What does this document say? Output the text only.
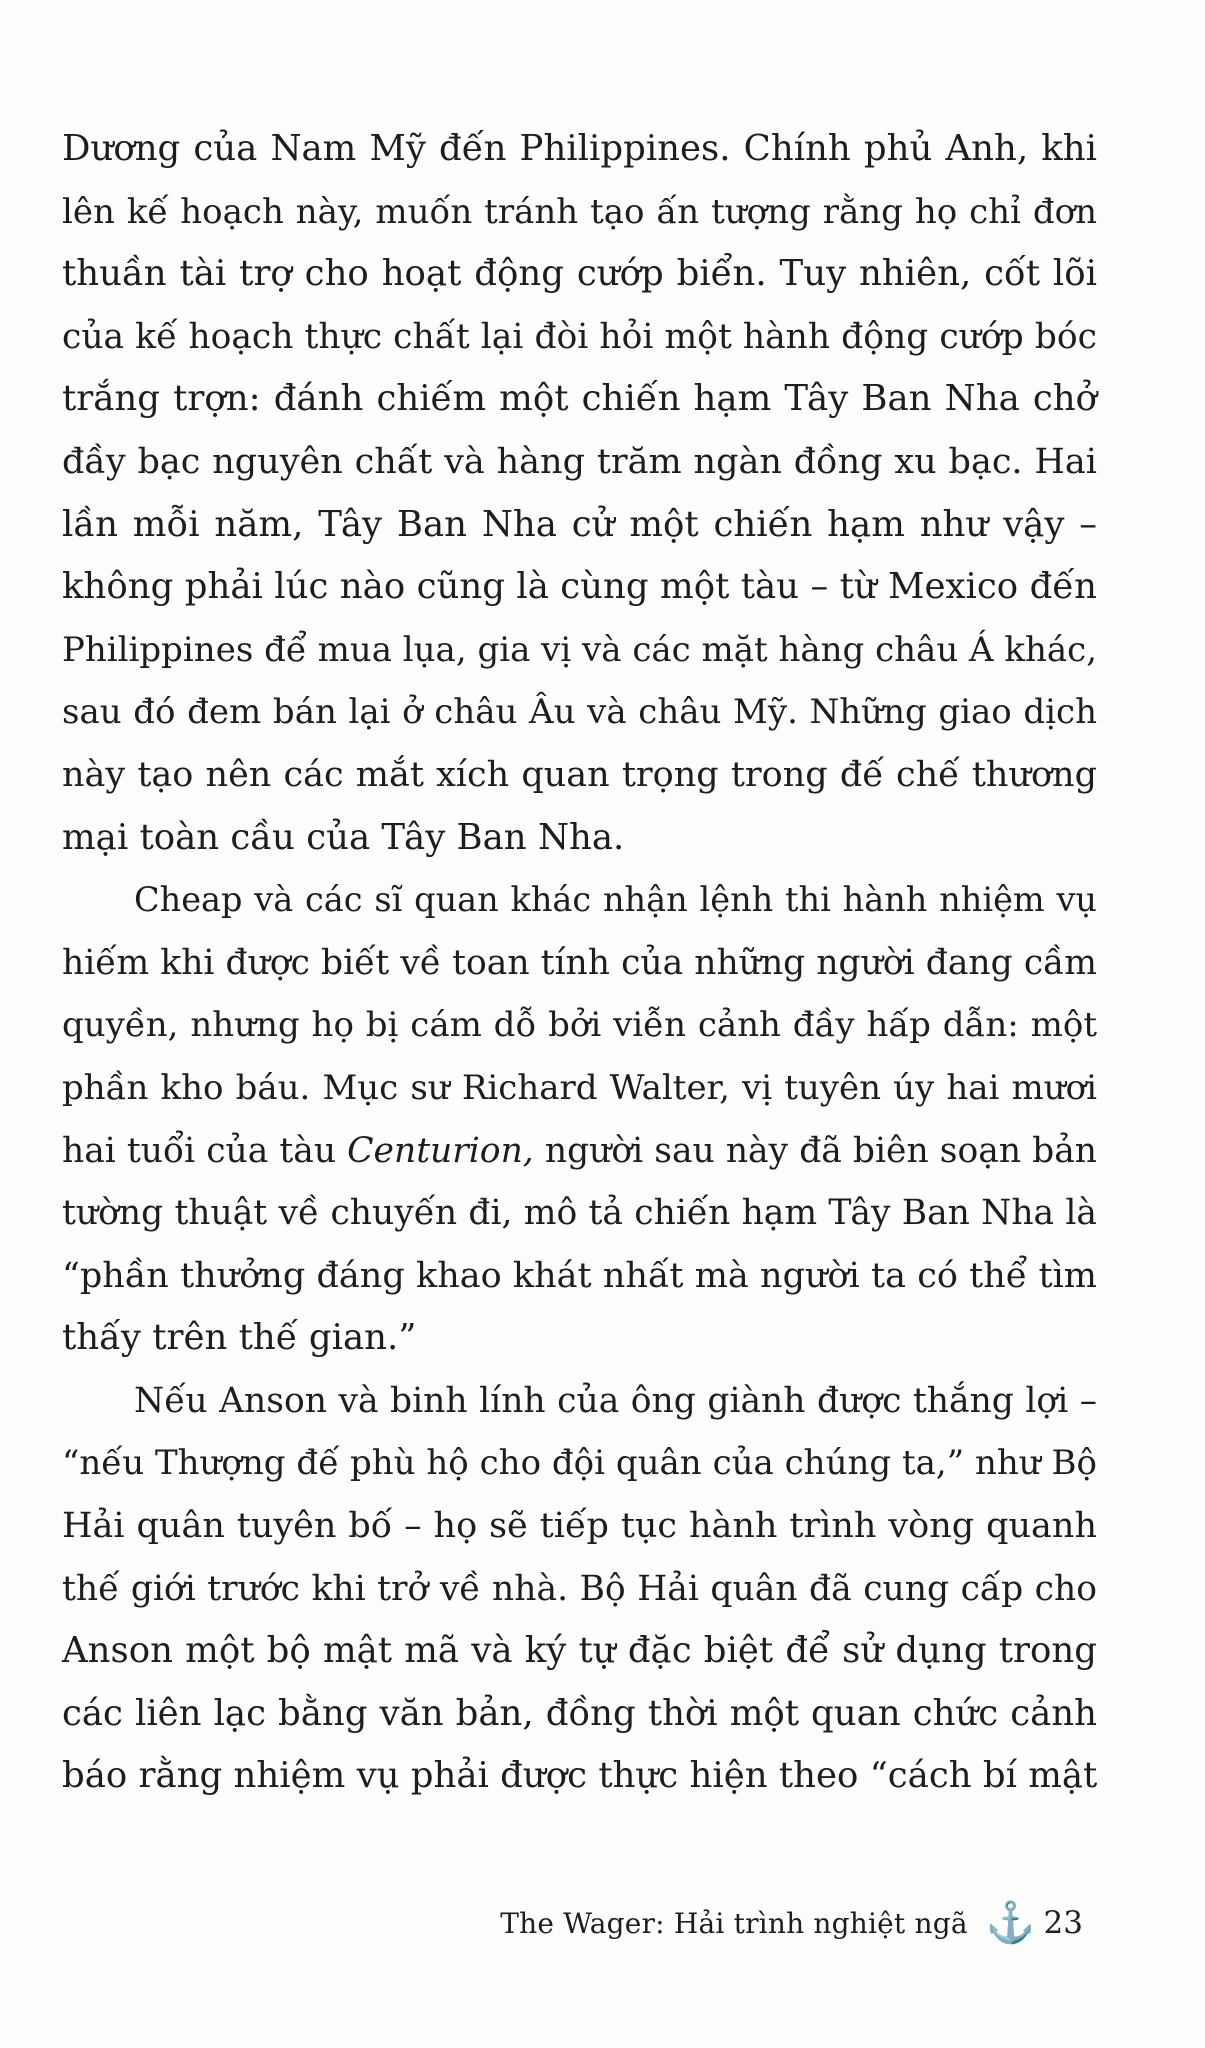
Dương của Nam Mỹ đến Philippines. Chính phủ Anh, khi
lên kế hoạch này, muốn tránh tạo ấn tượng rằng họ chỉ đơn
thuần tài trợ cho hoạt động cướp biển. Tuy nhiên, cốt lõi
của kế hoạch thực chất lại đòi hỏi một hành động cướp bóc
trắng trợn: đánh chiếm một chiến hạm Tây Ban Nha chở
đầy bạc nguyên chất và hàng trăm ngàn đồng xu bạc. Hai
lần mỗi năm, Tây Ban Nha cử một chiến hạm như vậy –
không phải lúc nào cũng là cùng một tàu – từ Mexico đến
Philippines để mua lụa, gia vị và các mặt hàng châu Á khác,
sau đó đem bán lại ở châu Âu và châu Mỹ. Những giao dịch
này tạo nên các mắt xích quan trọng trong đế chế thương
mại toàn cầu của Tây Ban Nha.
Cheap và các sĩ quan khác nhận lệnh thi hành nhiệm vụ
hiếm khi được biết về toan tính của những người đang cầm
quyền, nhưng họ bị cám dỗ bởi viễn cảnh đầy hấp dẫn: một
phần kho báu. Mục sư Richard Walter, vị tuyên úy hai mươi
hai tuổi của tàu Centurion, người sau này đã biên soạn bản
tường thuật về chuyến đi, mô tả chiến hạm Tây Ban Nha là
“phần thưởng đáng khao khát nhất mà người ta có thể tìm
thấy trên thế gian.”
Nếu Anson và binh lính của ông giành được thắng lợi –
“nếu Thượng đế phù hộ cho đội quân của chúng ta,” như Bộ
Hải quân tuyên bố – họ sẽ tiếp tục hành trình vòng quanh
thế giới trước khi trở về nhà. Bộ Hải quân đã cung cấp cho
Anson một bộ mật mã và ký tự đặc biệt để sử dụng trong
các liên lạc bằng văn bản, đồng thời một quan chức cảnh
báo rằng nhiệm vụ phải được thực hiện theo “cách bí mật
The Wager: Hải trình nghiệt ngã ⚓ 23
